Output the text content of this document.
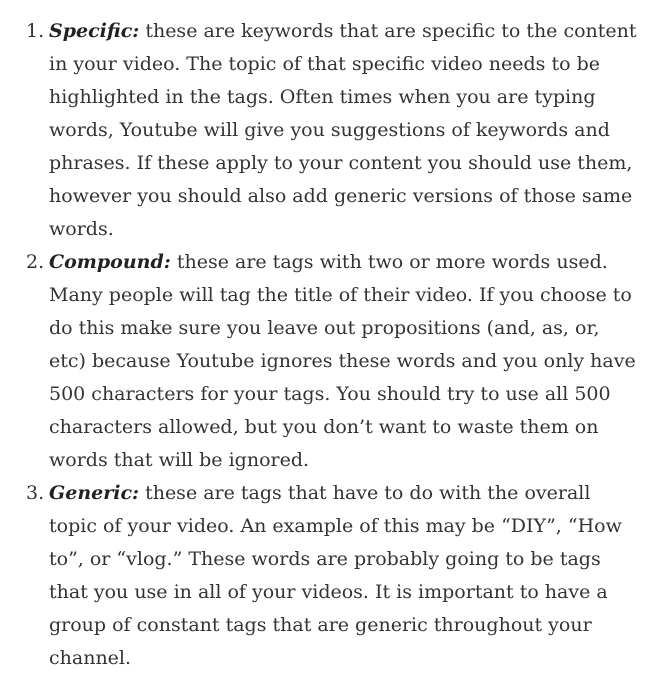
1. Specific: these are keywords that are specific to the content in your video. The topic of that specific video needs to be highlighted in the tags. Often times when you are typing words, Youtube will give you suggestions of keywords and phrases. If these apply to your content you should use them, however you should also add generic versions of those same words.
2. Compound: these are tags with two or more words used. Many people will tag the title of their video. If you choose to do this make sure you leave out propositions (and, as, or, etc) because Youtube ignores these words and you only have 500 characters for your tags. You should try to use all 500 characters allowed, but you don’t want to waste them on words that will be ignored.
3. Generic: these are tags that have to do with the overall topic of your video. An example of this may be “DIY”, “How to”, or “vlog.” These words are probably going to be tags that you use in all of your videos. It is important to have a group of constant tags that are generic throughout your channel.
